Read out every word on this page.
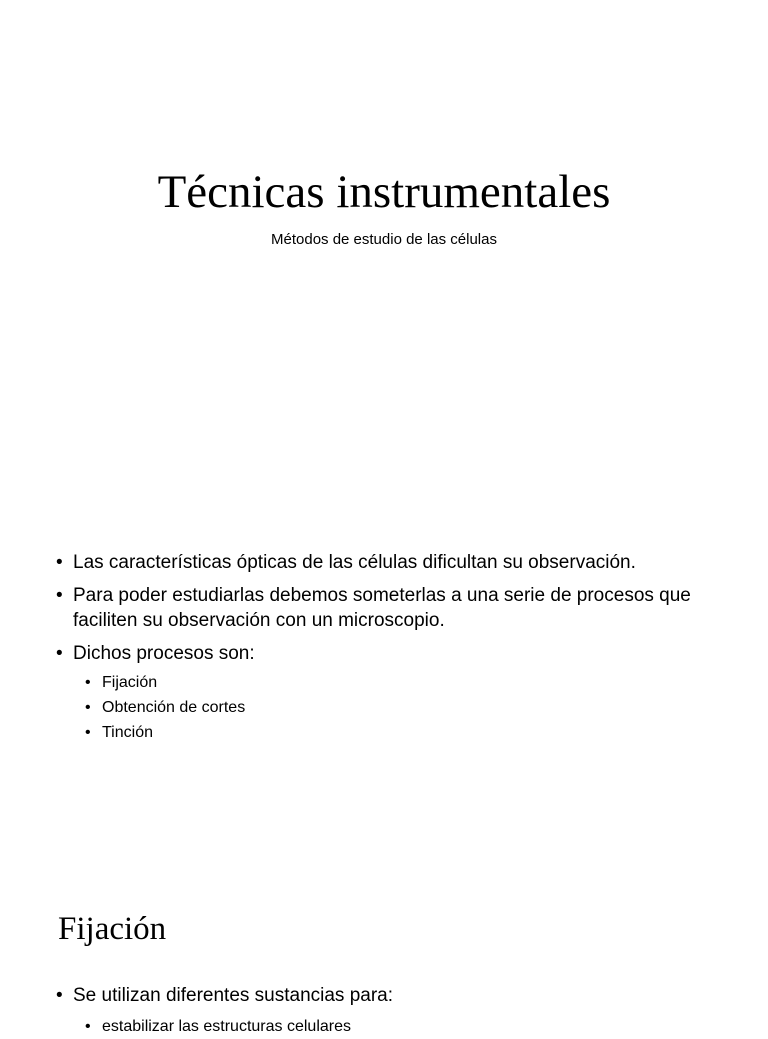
Técnicas instrumentales

Métodos de estudio de las células

• Las características ópticas de las células dificultan su observación.
• Para poder estudiarlas debemos someterlas a una serie de procesos que faciliten su observación con un microscopio.
• Dichos procesos son:
• Fijación
• Obtención de cortes
• Tinción
Fijación
• Se utilizan diferentes sustancias para:
• estabilizar las estructuras celulares
